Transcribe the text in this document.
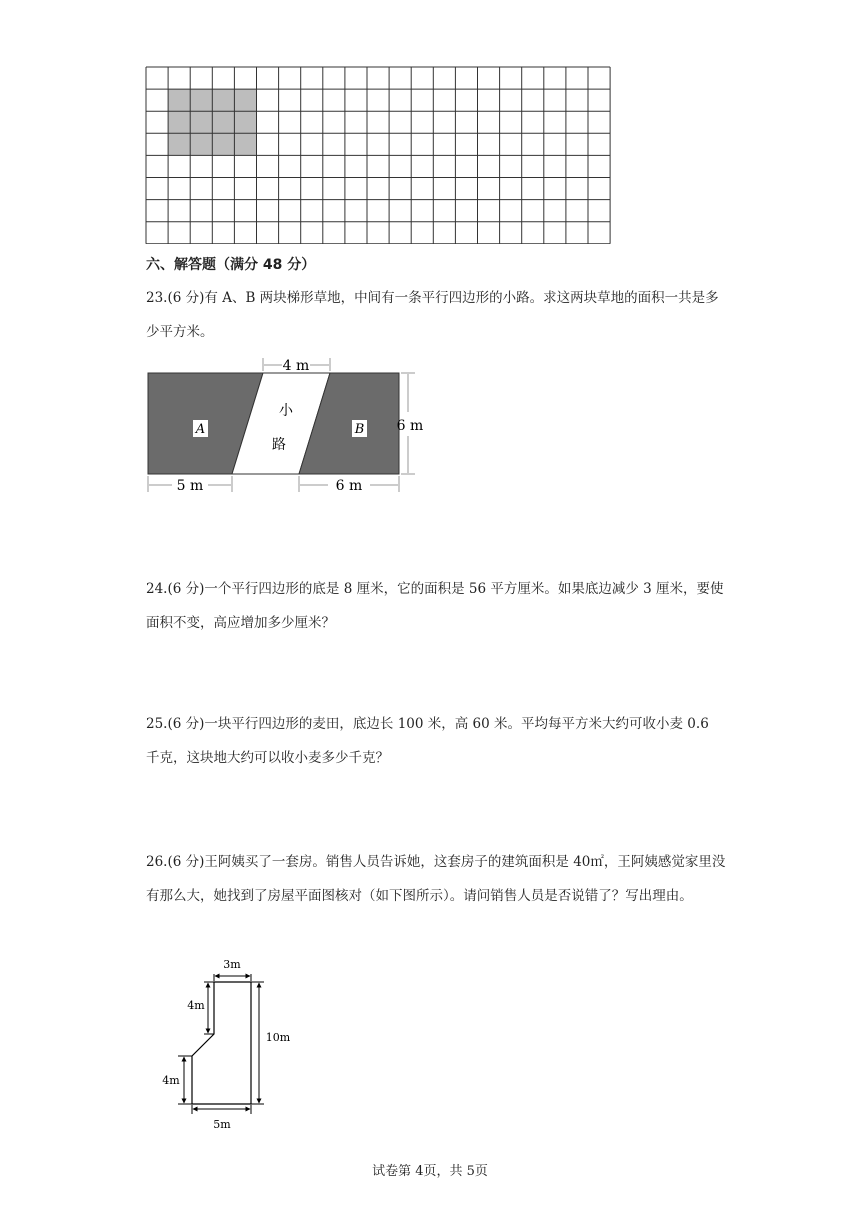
六、解答题（满分 48 分）
23.(6 分)有 A、B 两块梯形草地，中间有一条平行四边形的小路。求这两块草地的面积一共是多少平方米。
A	B
小
路
4 m
6 m
5 m	6 m
24.(6 分)一个平行四边形的底是 8 厘米，它的面积是 56 平方厘米。如果底边减少 3 厘米，要使面积不变，高应增加多少厘米？
25.(6 分)一块平行四边形的麦田，底边长 100 米，高 60 米。平均每平方米大约可收小麦 0.6 千克，这块地大约可以收小麦多少千克？
26.(6 分)王阿姨买了一套房。销售人员告诉她，这套房子的建筑面积是 40㎡，王阿姨感觉家里没有那么大，她找到了房屋平面图核对（如下图所示）。请问销售人员是否说错了？写出理由。
3m
4m
10m
4m
5m
试卷第 4页，共 5页
